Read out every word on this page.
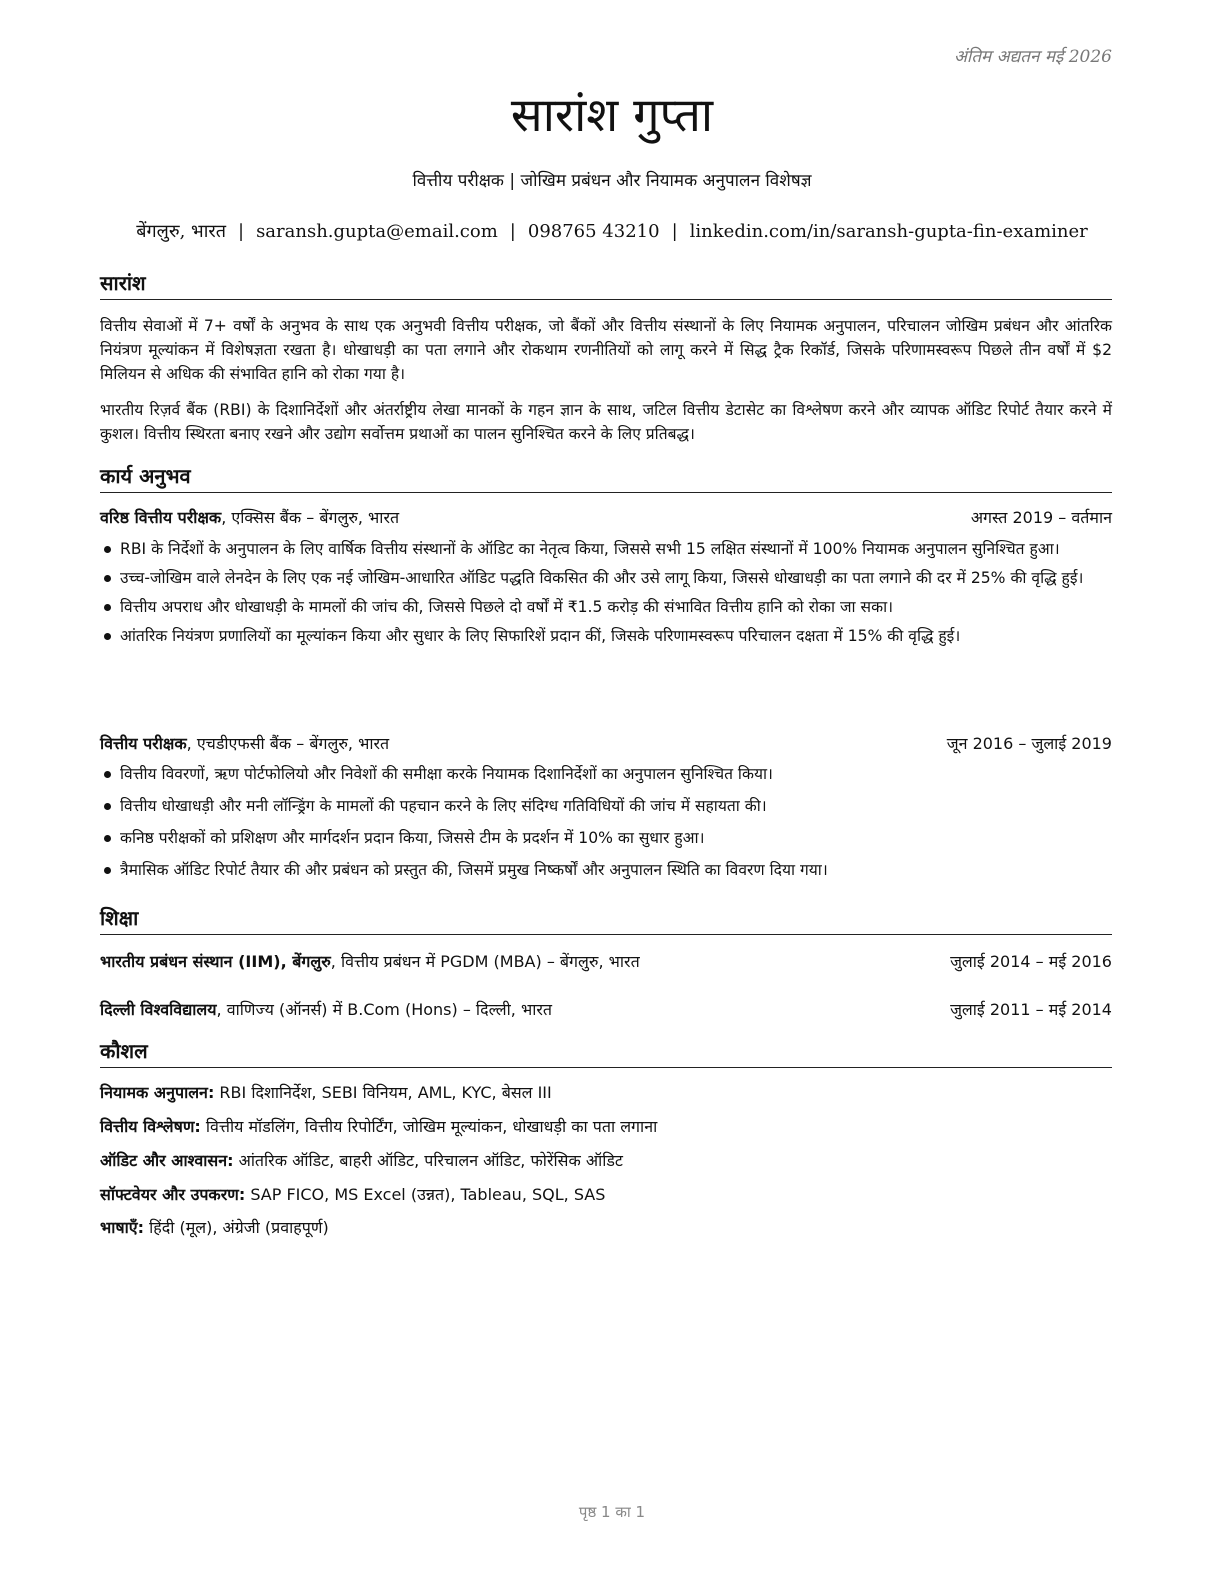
अंतिम अद्यतन मई 2026
सारांश गुप्ता
वित्तीय परीक्षक | जोखिम प्रबंधन और नियामक अनुपालन विशेषज्ञ
बेंगलुरु, भारत | saransh.gupta@email.com | 098765 43210 | linkedin.com/in/saransh-gupta-fin-examiner
सारांश
वित्तीय सेवाओं में 7+ वर्षों के अनुभव के साथ एक अनुभवी वित्तीय परीक्षक, जो बैंकों और वित्तीय संस्थानों के लिए नियामक अनुपालन, परिचालन जोखिम प्रबंधन और आंतरिक नियंत्रण मूल्यांकन में विशेषज्ञता रखता है। धोखाधड़ी का पता लगाने और रोकथाम रणनीतियों को लागू करने में सिद्ध ट्रैक रिकॉर्ड, जिसके परिणामस्वरूप पिछले तीन वर्षों में $2 मिलियन से अधिक की संभावित हानि को रोका गया है।
भारतीय रिज़र्व बैंक (RBI) के दिशानिर्देशों और अंतर्राष्ट्रीय लेखा मानकों के गहन ज्ञान के साथ, जटिल वित्तीय डेटासेट का विश्लेषण करने और व्यापक ऑडिट रिपोर्ट तैयार करने में कुशल। वित्तीय स्थिरता बनाए रखने और उद्योग सर्वोत्तम प्रथाओं का पालन सुनिश्चित करने के लिए प्रतिबद्ध।
कार्य अनुभव
वरिष्ठ वित्तीय परीक्षक, एक्सिस बैंक – बेंगलुरु, भारत	अगस्त 2019 – वर्तमान
RBI के निर्देशों के अनुपालन के लिए वार्षिक वित्तीय संस्थानों के ऑडिट का नेतृत्व किया, जिससे सभी 15 लक्षित संस्थानों में 100% नियामक अनुपालन सुनिश्चित हुआ।
उच्च-जोखिम वाले लेनदेन के लिए एक नई जोखिम-आधारित ऑडिट पद्धति विकसित की और उसे लागू किया, जिससे धोखाधड़ी का पता लगाने की दर में 25% की वृद्धि हुई।
वित्तीय अपराध और धोखाधड़ी के मामलों की जांच की, जिससे पिछले दो वर्षों में ₹1.5 करोड़ की संभावित वित्तीय हानि को रोका जा सका।
आंतरिक नियंत्रण प्रणालियों का मूल्यांकन किया और सुधार के लिए सिफारिशें प्रदान कीं, जिसके परिणामस्वरूप परिचालन दक्षता में 15% की वृद्धि हुई।
वित्तीय परीक्षक, एचडीएफसी बैंक – बेंगलुरु, भारत	जून 2016 – जुलाई 2019
वित्तीय विवरणों, ऋण पोर्टफोलियो और निवेशों की समीक्षा करके नियामक दिशानिर्देशों का अनुपालन सुनिश्चित किया।
वित्तीय धोखाधड़ी और मनी लॉन्ड्रिंग के मामलों की पहचान करने के लिए संदिग्ध गतिविधियों की जांच में सहायता की।
कनिष्ठ परीक्षकों को प्रशिक्षण और मार्गदर्शन प्रदान किया, जिससे टीम के प्रदर्शन में 10% का सुधार हुआ।
त्रैमासिक ऑडिट रिपोर्ट तैयार की और प्रबंधन को प्रस्तुत की, जिसमें प्रमुख निष्कर्षों और अनुपालन स्थिति का विवरण दिया गया।
शिक्षा
भारतीय प्रबंधन संस्थान (IIM), बेंगलुरु, वित्तीय प्रबंधन में PGDM (MBA) – बेंगलुरु, भारत	जुलाई 2014 – मई 2016
दिल्ली विश्वविद्यालय, वाणिज्य (ऑनर्स) में B.Com (Hons) – दिल्ली, भारत	जुलाई 2011 – मई 2014
कौशल
नियामक अनुपालन: RBI दिशानिर्देश, SEBI विनियम, AML, KYC, बेसल III
वित्तीय विश्लेषण: वित्तीय मॉडलिंग, वित्तीय रिपोर्टिंग, जोखिम मूल्यांकन, धोखाधड़ी का पता लगाना
ऑडिट और आश्वासन: आंतरिक ऑडिट, बाहरी ऑडिट, परिचालन ऑडिट, फोरेंसिक ऑडिट
सॉफ्टवेयर और उपकरण: SAP FICO, MS Excel (उन्नत), Tableau, SQL, SAS
भाषाएँ: हिंदी (मूल), अंग्रेजी (प्रवाहपूर्ण)
पृष्ठ 1 का 1
